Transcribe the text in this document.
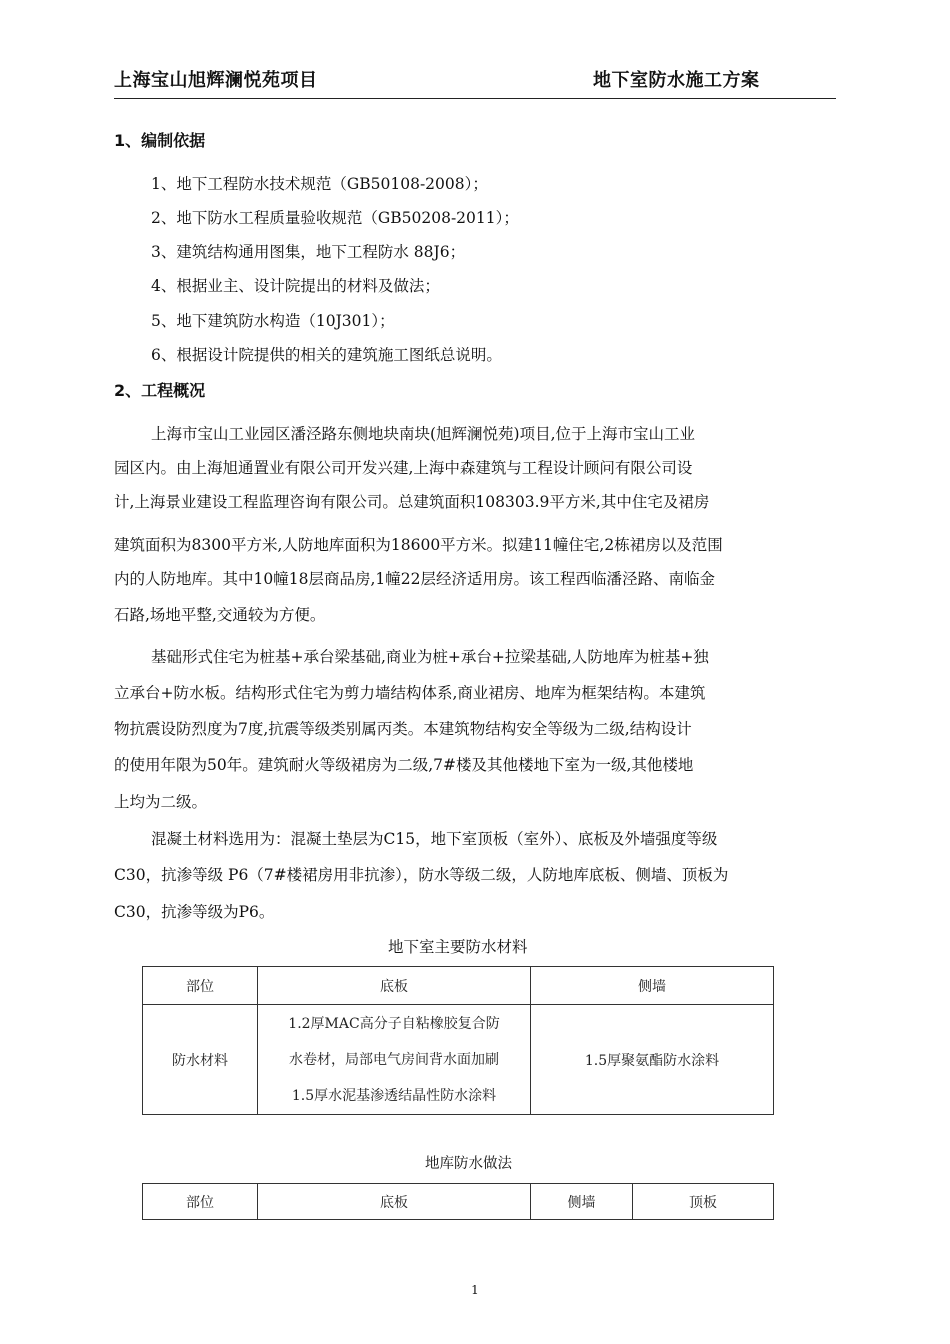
上海宝山旭辉澜悦苑项目	地下室防水施工方案
1、编制依据
1、地下工程防水技术规范（GB50108-2008）；
2、地下防水工程质量验收规范（GB50208-2011）；
3、建筑结构通用图集，地下工程防水 88J6；
4、根据业主、设计院提出的材料及做法；
5、地下建筑防水构造（10J301）；
6、根据设计院提供的相关的建筑施工图纸总说明。
2、工程概况
上海市宝山工业园区潘泾路东侧地块南块(旭辉澜悦苑)项目,位于上海市宝山工业
园区内。由上海旭通置业有限公司开发兴建,上海中森建筑与工程设计顾问有限公司设
计,上海景业建设工程监理咨询有限公司。总建筑面积108303.9平方米,其中住宅及裙房
建筑面积为8300平方米,人防地库面积为18600平方米。拟建11幢住宅,2栋裙房以及范围
内的人防地库。其中10幢18层商品房,1幢22层经济适用房。该工程西临潘泾路、南临金
石路,场地平整,交通较为方便。
基础形式住宅为桩基+承台梁基础,商业为桩+承台+拉梁基础,人防地库为桩基+独
立承台+防水板。结构形式住宅为剪力墙结构体系,商业裙房、地库为框架结构。本建筑
物抗震设防烈度为7度,抗震等级类别属丙类。本建筑物结构安全等级为二级,结构设计
的使用年限为50年。建筑耐火等级裙房为二级,7#楼及其他楼地下室为一级,其他楼地
上均为二级。
混凝土材料选用为：混凝土垫层为C15，地下室顶板（室外）、底板及外墙强度等级
C30，抗渗等级 P6（7#楼裙房用非抗渗），防水等级二级，人防地库底板、侧墙、顶板为
C30，抗渗等级为P6。
地下室主要防水材料
部位	底板	侧墙
防水材料	1.2厚MAC高分子自粘橡胶复合防
水卷材，局部电气房间背水面加刷
1.5厚水泥基渗透结晶性防水涂料	1.5厚聚氨酯防水涂料
地库防水做法
部位	底板	侧墙	顶板
1
